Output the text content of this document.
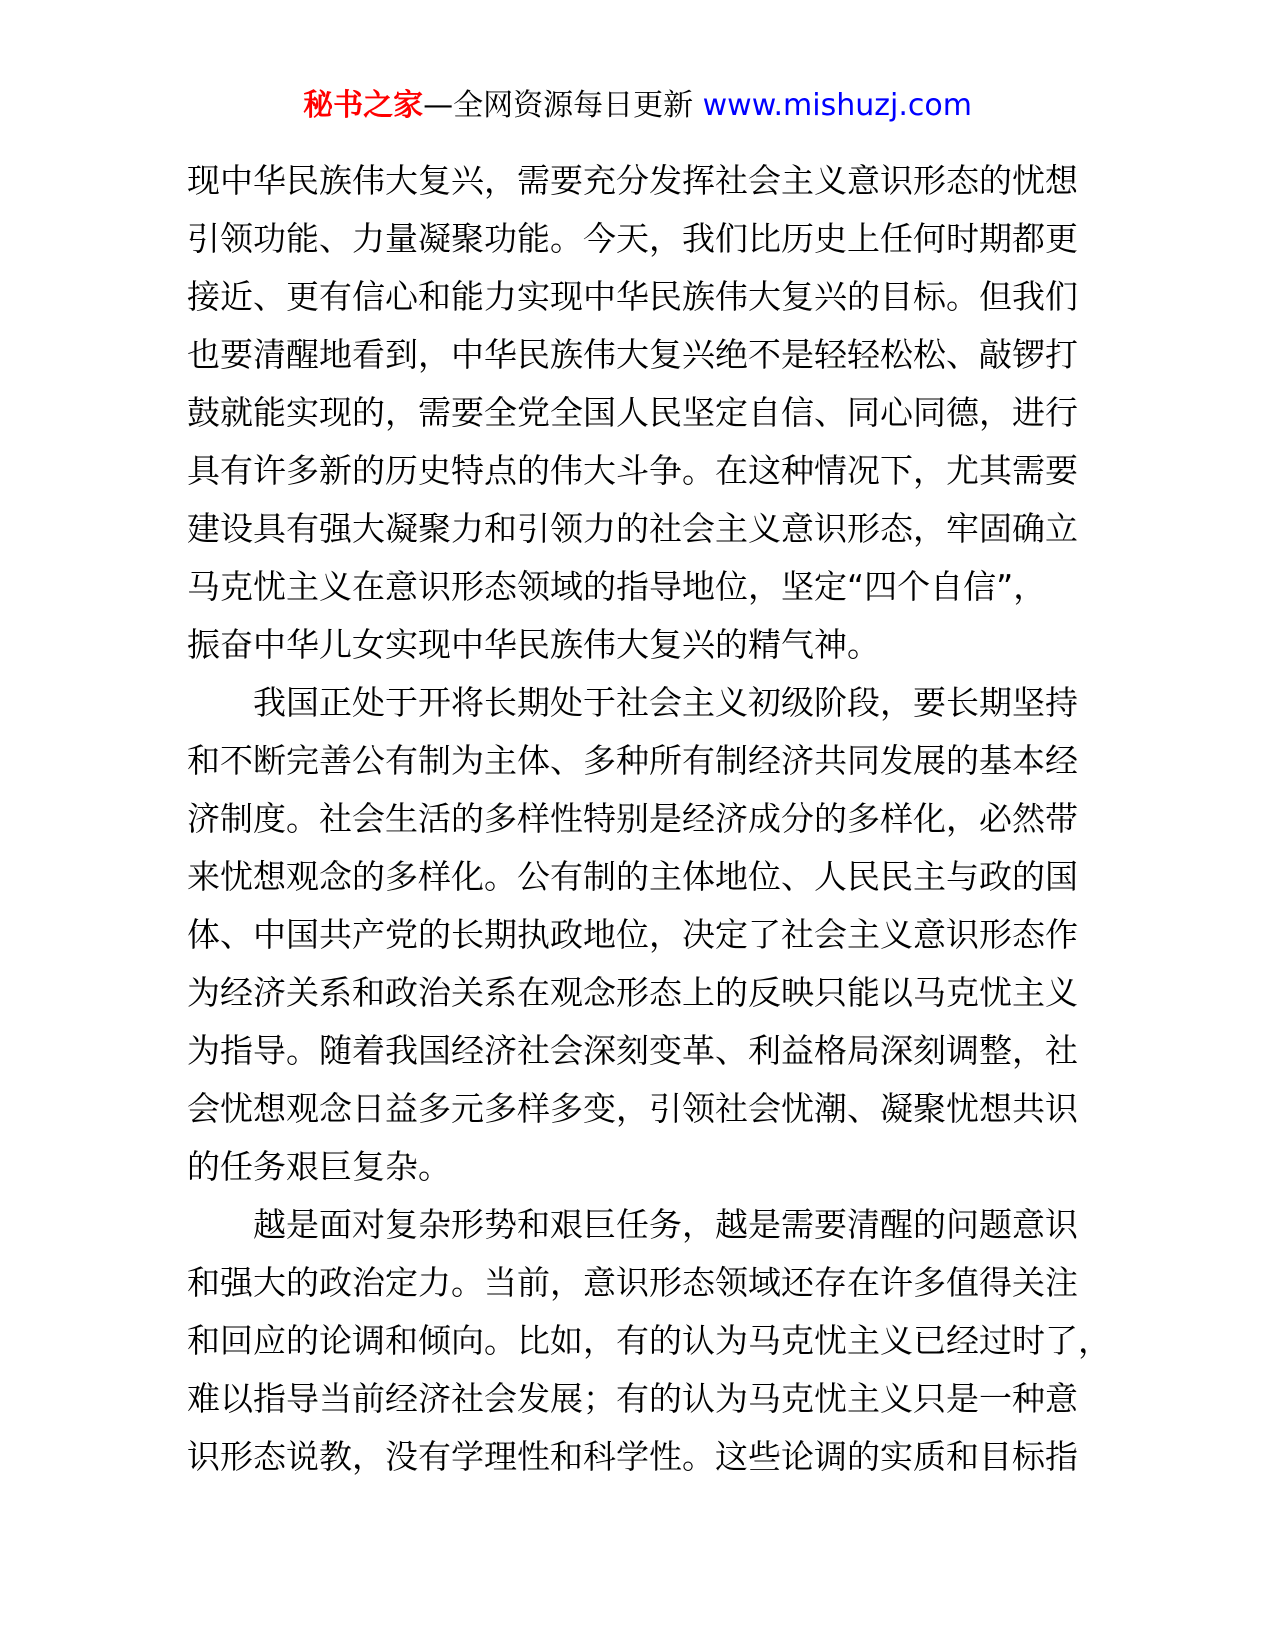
秘书之家—全网资源每日更新 www.mishuzj.com
现中华民族伟大复兴，需要充分发挥社会主义意识形态的忧想
引领功能、力量凝聚功能。今天，我们比历史上任何时期都更
接近、更有信心和能力实现中华民族伟大复兴的目标。但我们
也要清醒地看到，中华民族伟大复兴绝不是轻轻松松、敲锣打
鼓就能实现的，需要全党全国人民坚定自信、同心同德，进行
具有许多新的历史特点的伟大斗争。在这种情况下，尤其需要
建设具有强大凝聚力和引领力的社会主义意识形态，牢固确立
马克忧主义在意识形态领域的指导地位，坚定“四个自信”，
振奋中华儿女实现中华民族伟大复兴的精气神。
我国正处于开将长期处于社会主义初级阶段，要长期坚持
和不断完善公有制为主体、多种所有制经济共同发展的基本经
济制度。社会生活的多样性特别是经济成分的多样化，必然带
来忧想观念的多样化。公有制的主体地位、人民民主与政的国
体、中国共产党的长期执政地位，决定了社会主义意识形态作
为经济关系和政治关系在观念形态上的反映只能以马克忧主义
为指导。随着我国经济社会深刻变革、利益格局深刻调整，社
会忧想观念日益多元多样多变，引领社会忧潮、凝聚忧想共识
的任务艰巨复杂。
越是面对复杂形势和艰巨任务，越是需要清醒的问题意识
和强大的政治定力。当前，意识形态领域还存在许多值得关注
和回应的论调和倾向。比如，有的认为马克忧主义已经过时了，
难以指导当前经济社会发展；有的认为马克忧主义只是一种意
识形态说教，没有学理性和科学性。这些论调的实质和目标指
